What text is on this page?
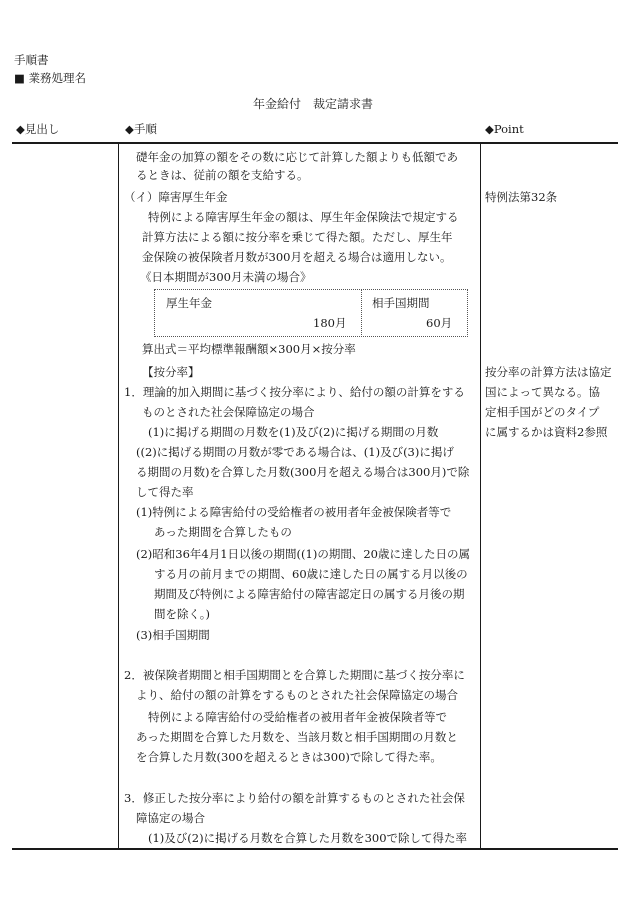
手順書
■ 業務処理名
年金給付　裁定請求書
◆見出し	◆手順	◆Point
礎年金の加算の額をその数に応じて計算した額よりも低額であ
るときは、従前の額を支給する。
（イ）障害厚生年金
特例による障害厚生年金の額は、厚生年金保険法で規定する
計算方法による額に按分率を乗じて得た額。ただし、厚生年
金保険の被保険者月数が300月を超える場合は適用しない。
《日本期間が300月未満の場合》
厚生年金
180月
相手国期間
60月
算出式＝平均標準報酬額×300月×按分率
【按分率】
1．理論的加入期間に基づく按分率により、給付の額の計算をする
ものとされた社会保障協定の場合
(1)に掲げる期間の月数を(1)及び(2)に掲げる期間の月数
((2)に掲げる期間の月数が零である場合は、(1)及び(3)に掲げ
る期間の月数)を合算した月数(300月を超える場合は300月)で除
して得た率
(1)特例による障害給付の受給権者の被用者年金被保険者等で
あった期間を合算したもの
(2)昭和36年4月1日以後の期間((1)の期間、20歳に達した日の属
する月の前月までの期間、60歳に達した日の属する月以後の
期間及び特例による障害給付の障害認定日の属する月後の期
間を除く。)
(3)相手国期間
2．被保険者期間と相手国期間とを合算した期間に基づく按分率に
より、給付の額の計算をするものとされた社会保障協定の場合
特例による障害給付の受給権者の被用者年金被保険者等で
あった期間を合算した月数を、当該月数と相手国期間の月数と
を合算した月数(300を超えるときは300)で除して得た率。
3．修正した按分率により給付の額を計算するものとされた社会保
障協定の場合
(1)及び(2)に掲げる月数を合算した月数を300で除して得た率
特例法第32条
按分率の計算方法は協定
国によって異なる。協
定相手国がどのタイプ
に属するかは資料2参照
